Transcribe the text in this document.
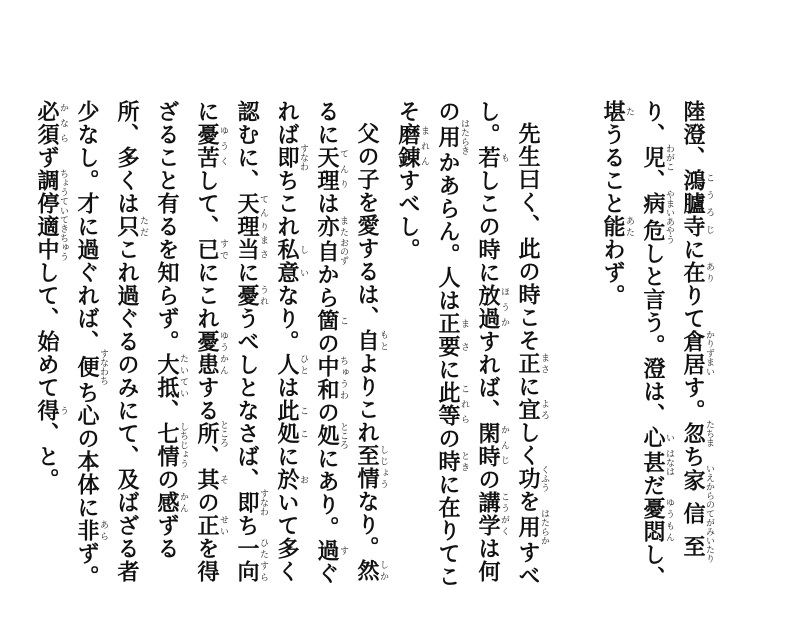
陸澄、鴻臚寺こうろじに在ありりて倉居かりずまいす。忽たちまち家信至いえからのてがみいたりり、児わがこ、病やまい危あやうしと言う。澄は、心い甚はなはだ憂悶ゆうもんし、堪たうること能あたわず。

先生曰く、此の時こそ正まさに宜よろしく功くふうを用はたらかすべし。若もしこの時に放過ほうかすれば、閑時かんじの講学こうがくは何の用はたらきかあらん。人は正要まさに此等これらの時ときに在りてこそ磨錬まれんすべし。

父の子を愛するは、自もとよりこれ至情しじょうなり。然しかるに天理てんりは亦また自おのずから箇この中和ちゅうわの処ところにあり。過すぐれば即すなわちこれ私意しいなり。人ひとは此処ここに於おいて多く認むに、天理当てんりまさに憂うれうべしとなさば、即すなわち一向ひたすらに憂苦ゆうくして、已すでにこれ憂患ゆうかんする所ところ、其その正せいを得ざること有るを知らず。大抵たいてい、七情しちじょうの感かんずる所、多くは只ただこれ過ぐるのみにて、及ばざる者少なし。才に過ぐれば、便すなわちち心の本体に非あらず。必須かならず調停適中ちょうていてきちゅうして、始めて得う、と。
